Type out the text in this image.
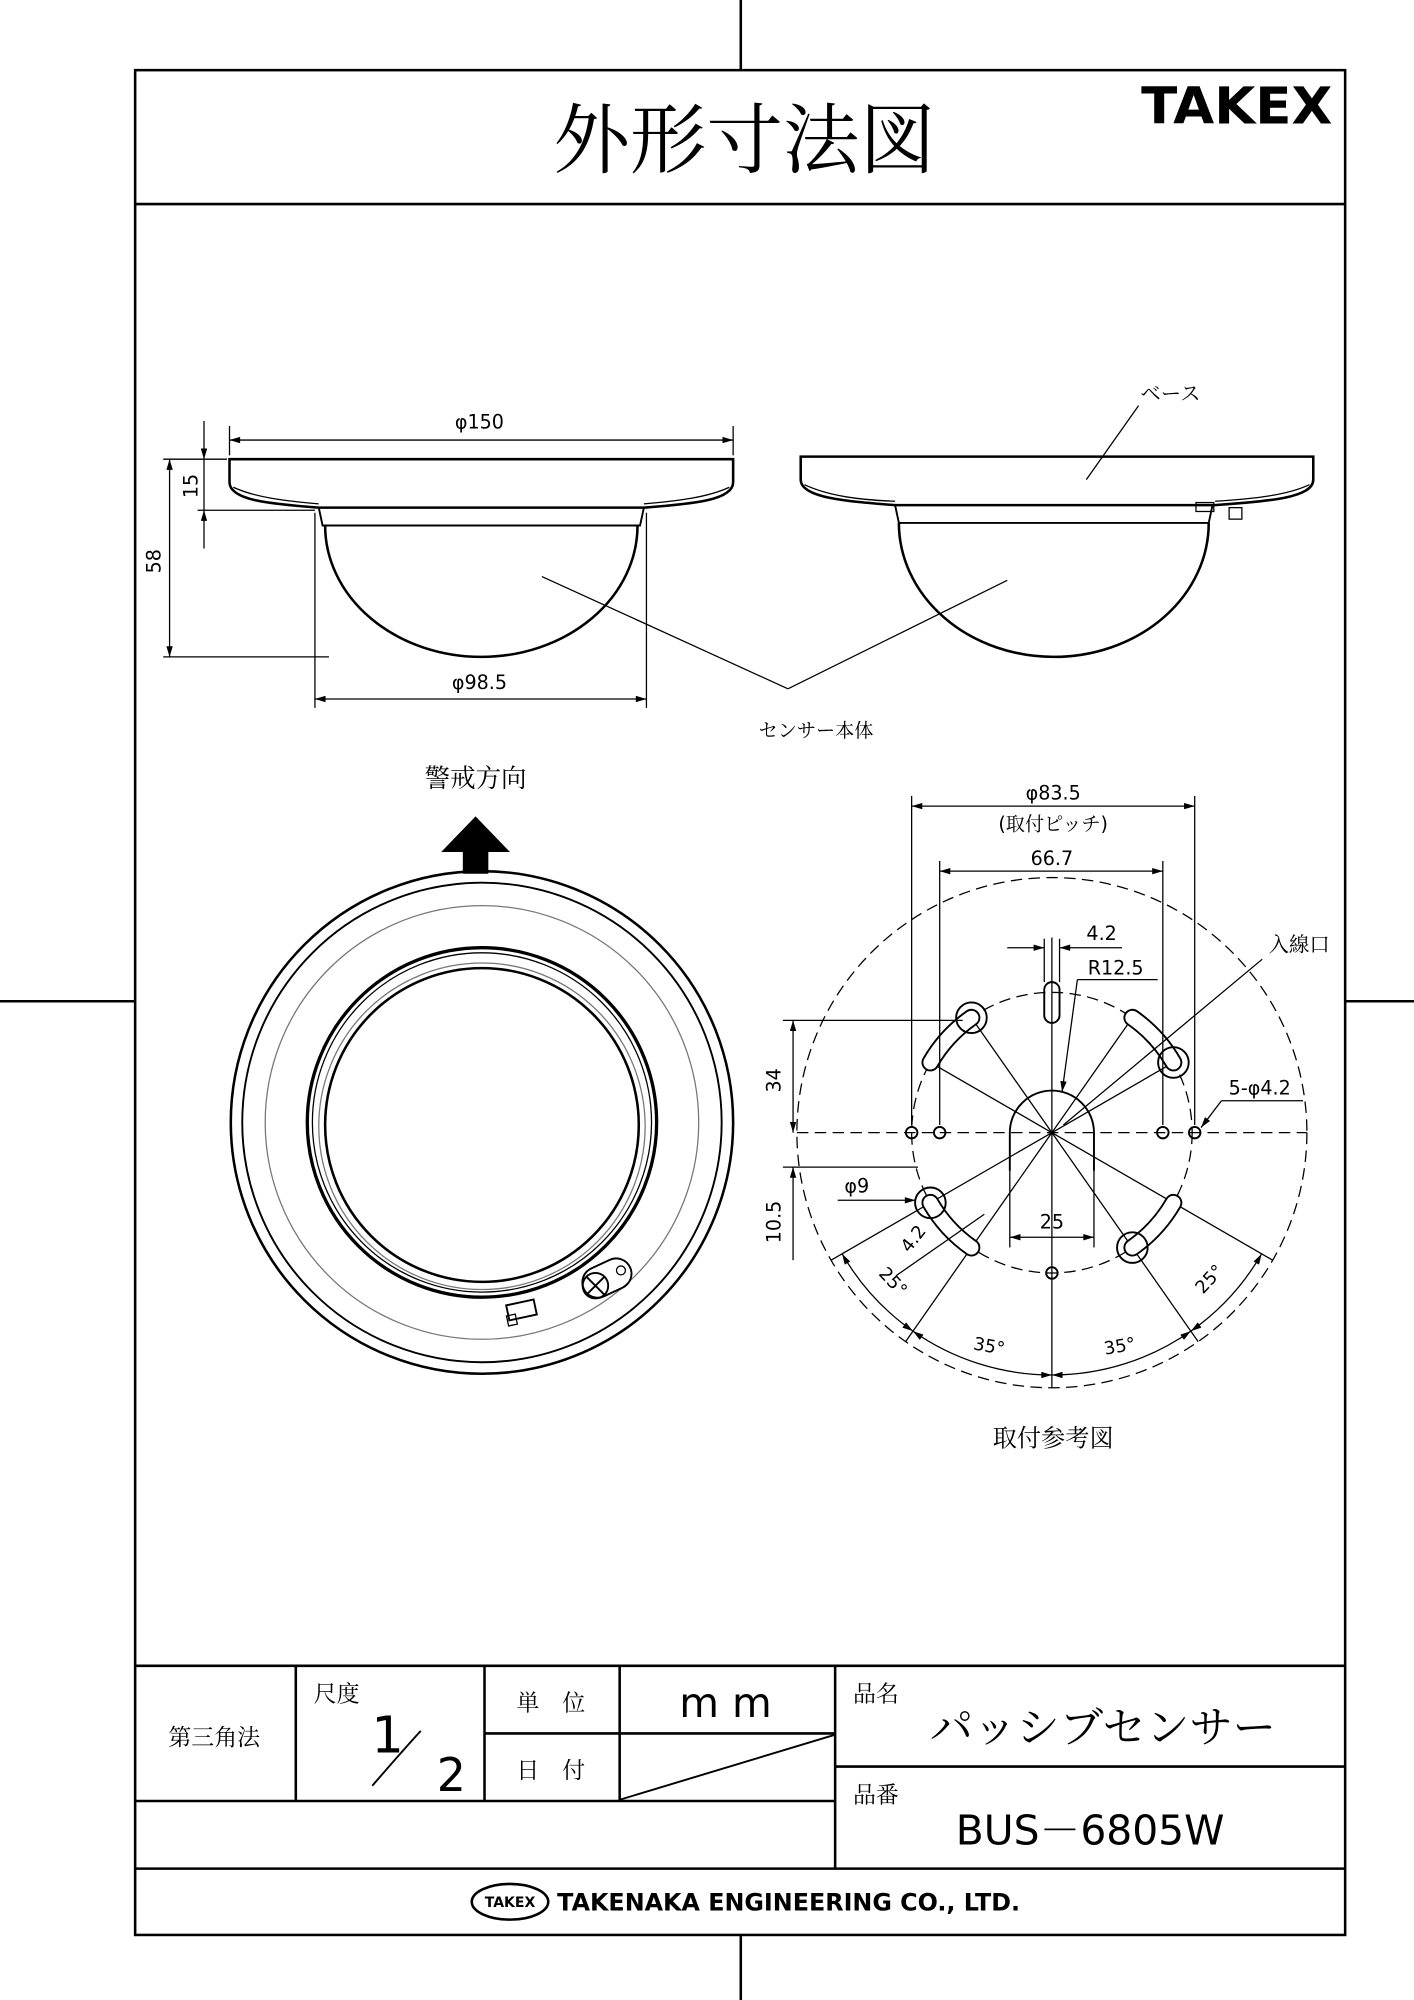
外形寸法図	TAKEX
φ150
15
58
φ98.5
ベース
センサー本体
警戒方向	φ83.5
(取付ピッチ)
66.7
4.2
R12.5
入線口
5-φ4.2
34
10.5
φ9
25
4.2
25°
35°	35°
25°
取付参考図
第三角法
尺度
1
2
単　位	m m
日　付
品名
パッシブセンサー
品番
BUS－6805W
TAKEX TAKENAKA ENGINEERING CO., LTD.
